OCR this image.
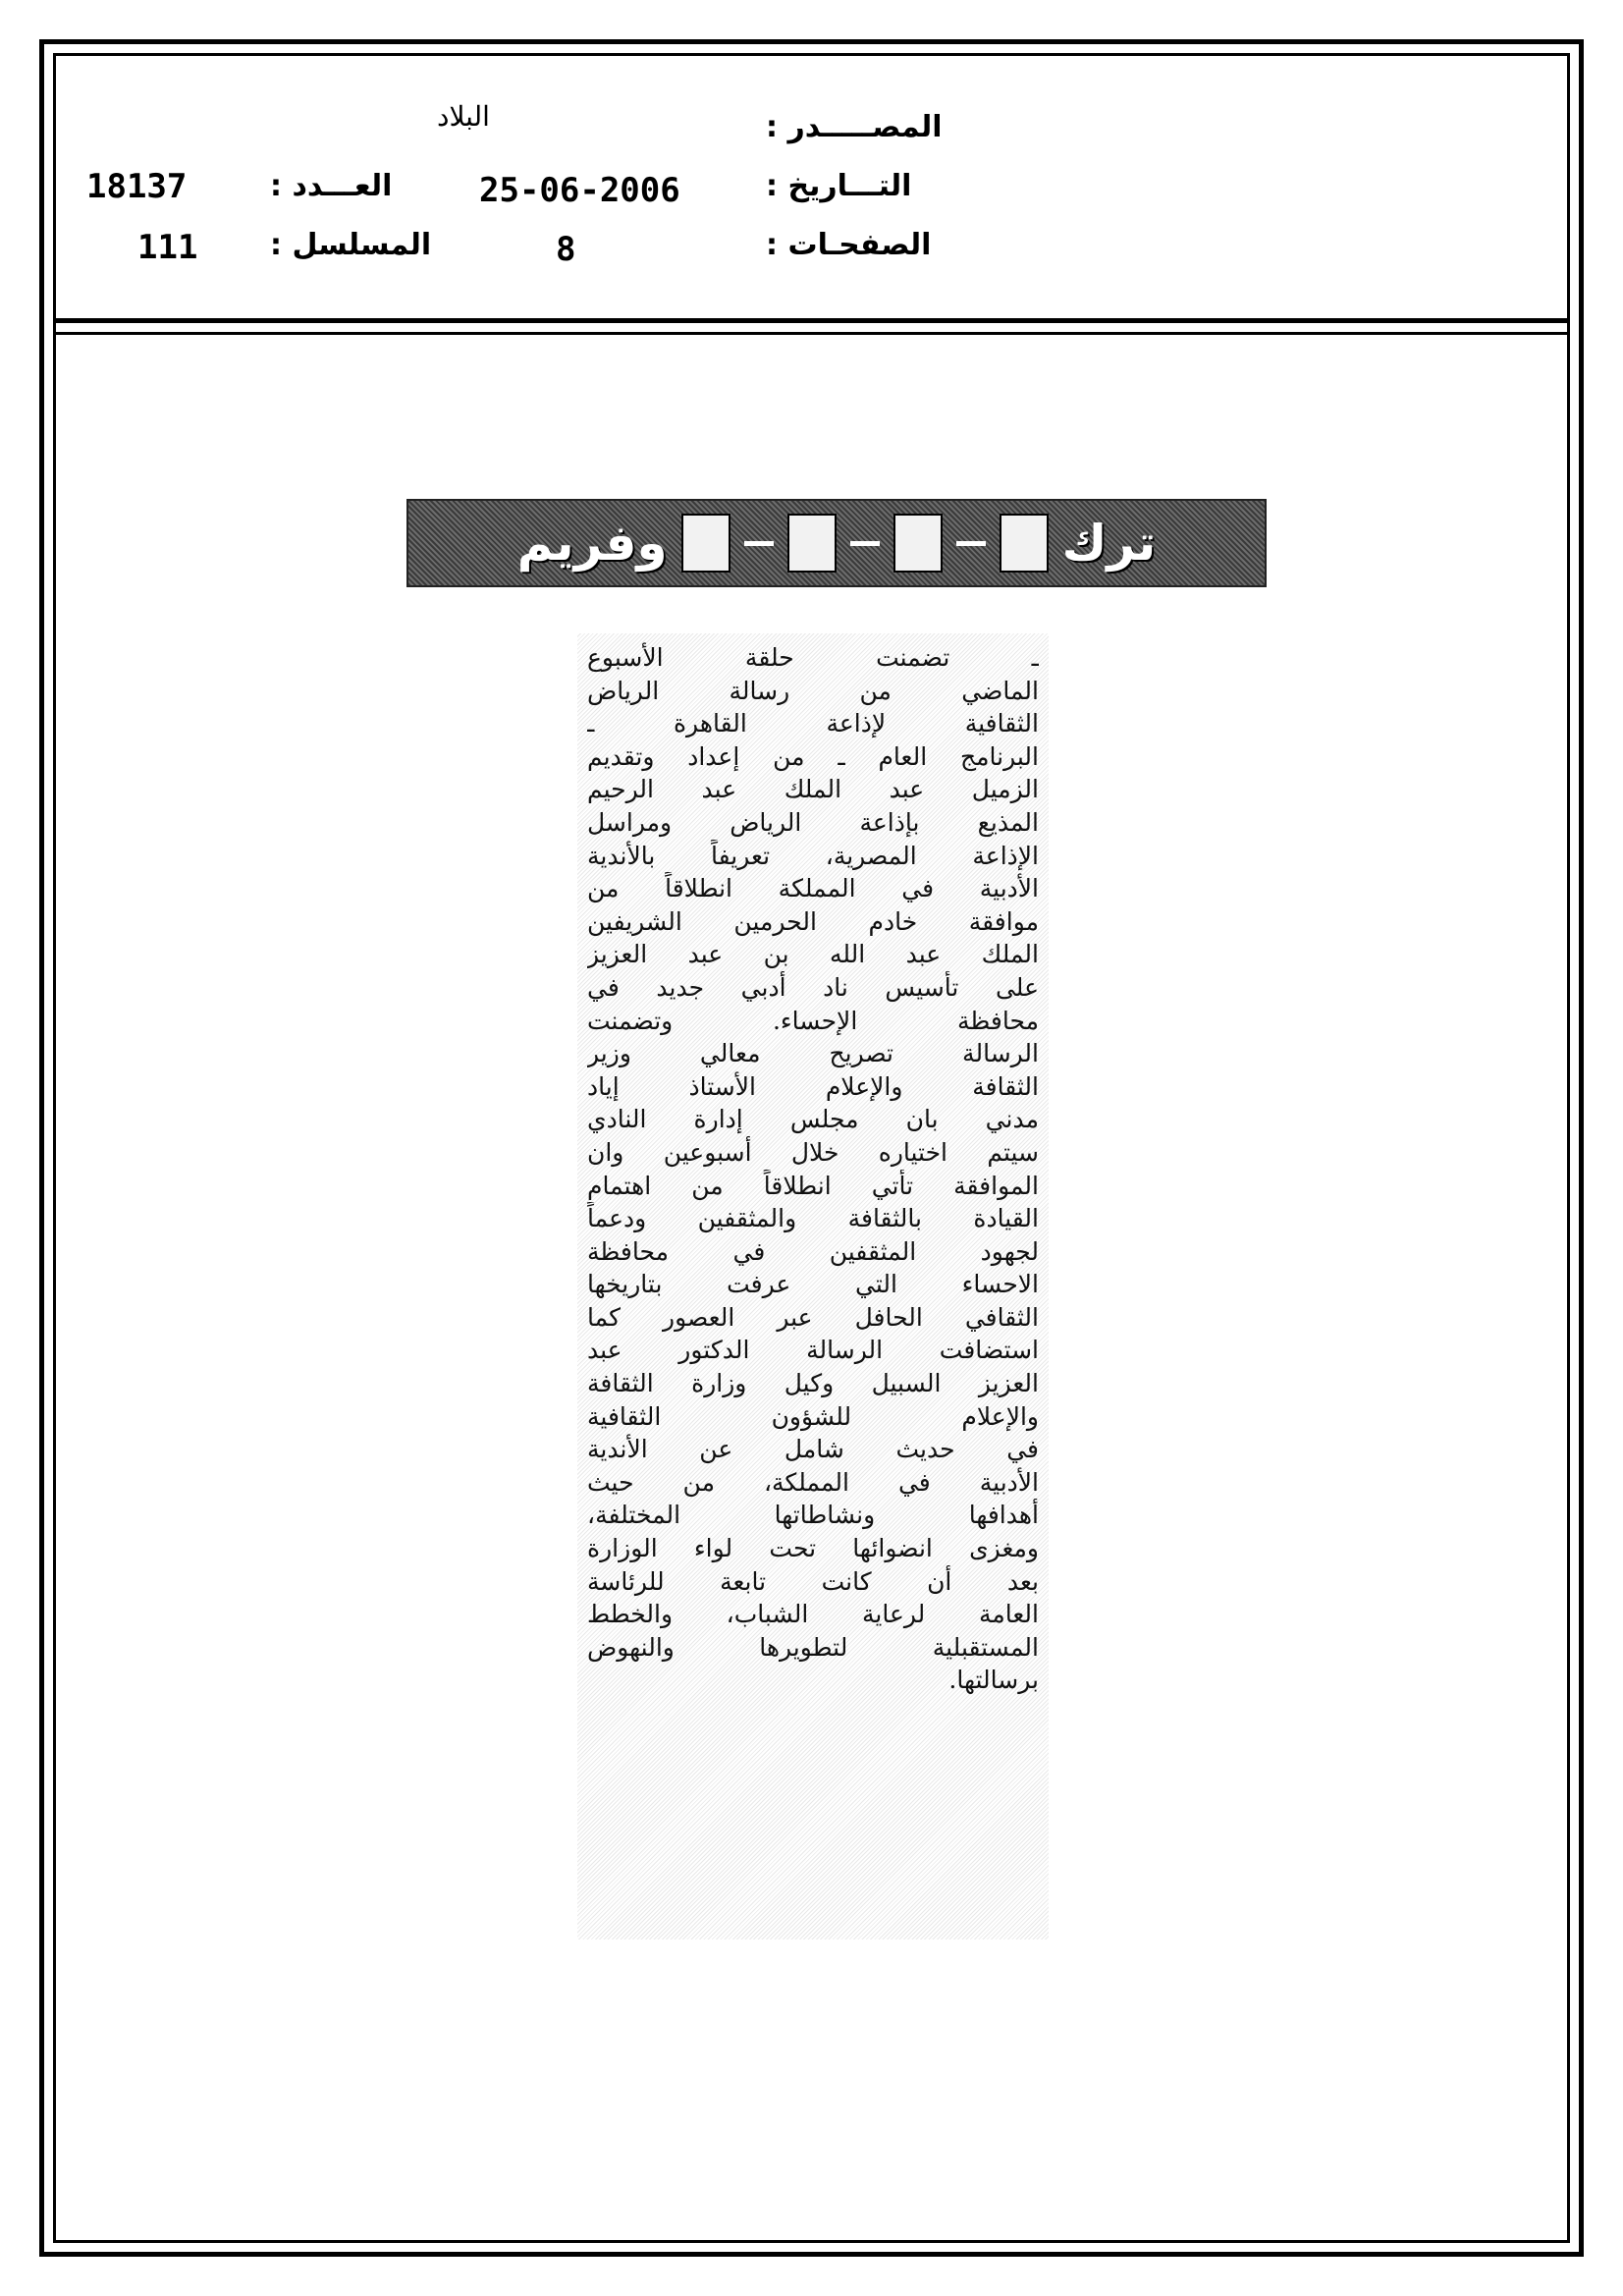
البلاد	المصـــــدر :
18137	العـــدد :	25-06-2006	التـــاريخ :
111 المسلسل :	8	الصفحـات :
ترك
وفريم
ـ تضمنت حلقة الأسبوع
الماضي من رسالة الرياض
الثقافية لإذاعة القاهرة ـ
البرنامج العام ـ من إعداد وتقديم
الزميل عبد الملك عبد الرحيم
المذيع بإذاعة الرياض ومراسل
الإذاعة المصرية، تعريفاً بالأندية
الأدبية في المملكة انطلاقاً من
موافقة خادم الحرمين الشريفين
الملك عبد الله بن عبد العزيز
على تأسيس ناد أدبي جديد في
محافظة الإحساء. وتضمنت
الرسالة تصريح معالي وزير
الثقافة والإعلام الأستاذ إياد
مدني بان مجلس إدارة النادي
سيتم اختياره خلال أسبوعين وان
الموافقة تأتي انطلاقاً من اهتمام
القيادة بالثقافة والمثقفين ودعماً
لجهود المثقفين في محافظة
الاحساء التي عرفت بتاريخها
الثقافي الحافل عبر العصور كما
استضافت الرسالة الدكتور عبد
العزيز السبيل وكيل وزارة الثقافة
والإعلام للشؤون الثقافية
في حديث شامل عن الأندية
الأدبية في المملكة، من حيث
أهدافها ونشاطاتها المختلفة،
ومغزى انضوائها تحت لواء الوزارة
بعد أن كانت تابعة للرئاسة
العامة لرعاية الشباب، والخطط
المستقبلية لتطويرها والنهوض
برسالتها.
